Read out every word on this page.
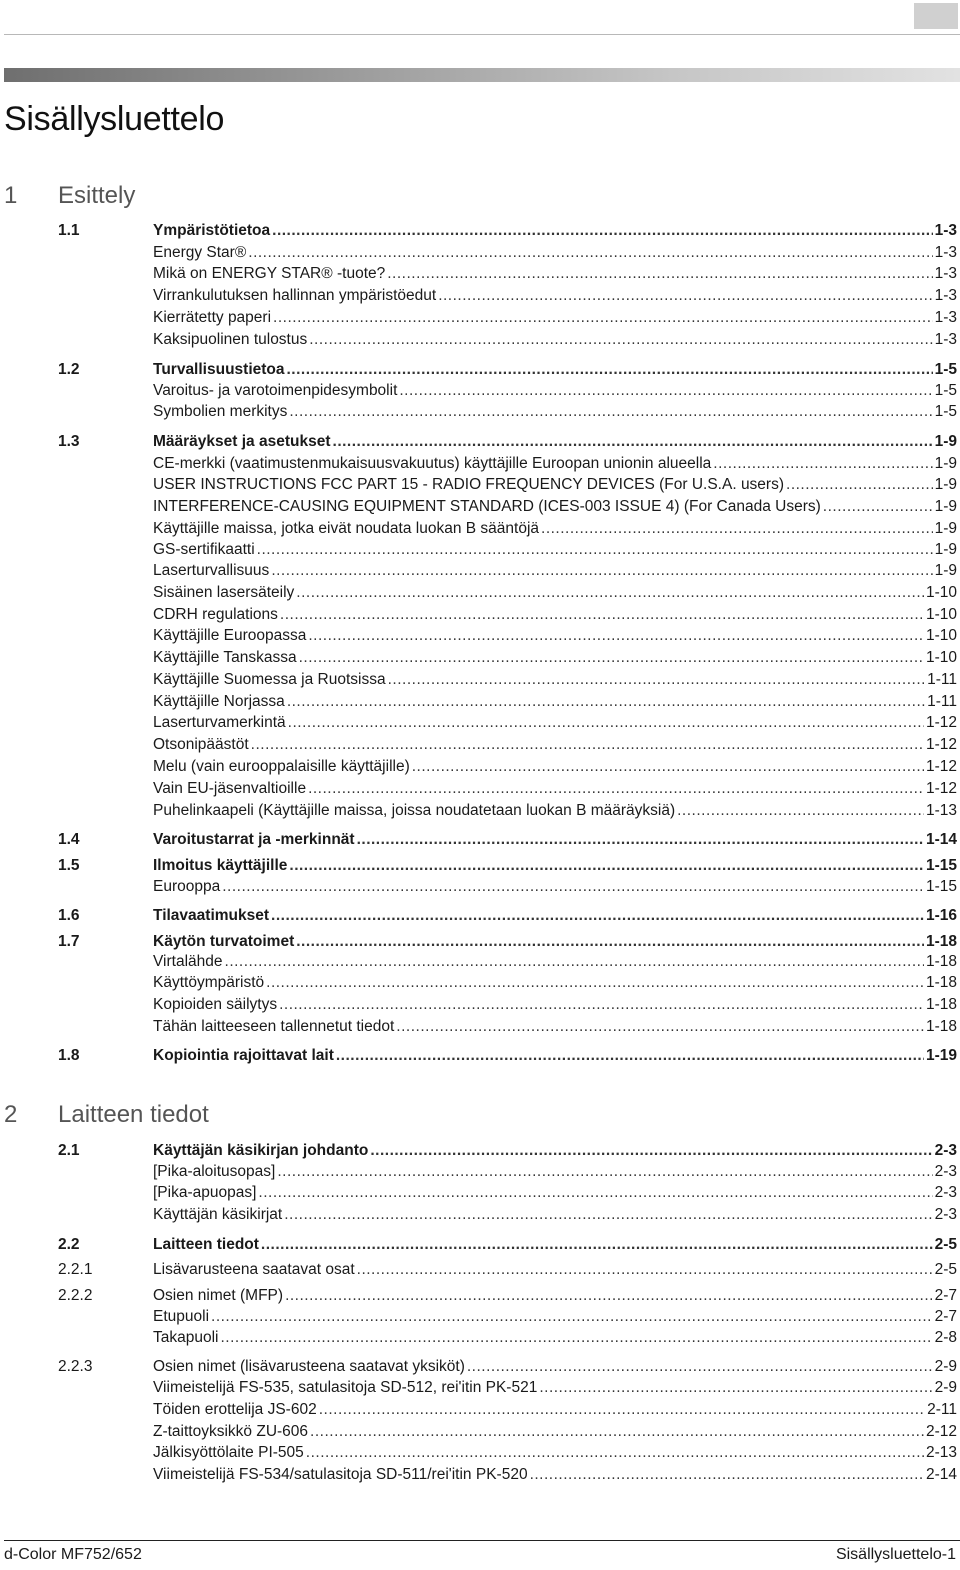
Sisällysluettelo
1 Esittely
2 Laitteen tiedot
1.1	Ympäristötietoa .....	1-3
Energy Star® .....	1-3
Mikä on ENERGY STAR® -tuote? .....	1-3
Virrankulutuksen hallinnan ympäristöedut .....	1-3
Kierrätetty paperi .....	1-3
Kaksipuolinen tulostus .....	1-3
1.2	Turvallisuustietoa .....	1-5
Varoitus- ja varotoimenpidesymbolit .....	1-5
Symbolien merkitys .....	1-5
1.3	Määräykset ja asetukset .....	1-9
CE-merkki (vaatimustenmukaisuusvakuutus) käyttäjille Euroopan unionin alueella .....	1-9
USER INSTRUCTIONS FCC PART 15 - RADIO FREQUENCY DEVICES (For U.S.A. users) .....	1-9
INTERFERENCE-CAUSING EQUIPMENT STANDARD (ICES-003 ISSUE 4) (For Canada Users) .....	1-9
Käyttäjille maissa, jotka eivät noudata luokan B sääntöjä .....	1-9
GS-sertifikaatti .....	1-9
Laserturvallisuus .....	1-9
Sisäinen lasersäteily .....	1-10
CDRH regulations .....	1-10
Käyttäjille Euroopassa .....	1-10
Käyttäjille Tanskassa .....	1-10
Käyttäjille Suomessa ja Ruotsissa .....	1-11
Käyttäjille Norjassa .....	1-11
Laserturvamerkintä .....	1-12
Otsonipäästöt .....	1-12
Melu (vain eurooppalaisille käyttäjille) .....	1-12
Vain EU-jäsenvaltioille .....	1-12
Puhelinkaapeli (Käyttäjille maissa, joissa noudatetaan luokan B määräyksiä) .....	1-13
1.4	Varoitustarrat ja -merkinnät .....	1-14
1.5	Ilmoitus käyttäjille .....	1-15
Eurooppa .....	1-15
1.6	Tilavaatimukset .....	1-16
1.7	Käytön turvatoimet .....	1-18
Virtalähde .....	1-18
Käyttöympäristö .....	1-18
Kopioiden säilytys .....	1-18
Tähän laitteeseen tallennetut tiedot .....	1-18
1.8	Kopiointia rajoittavat lait .....	1-19
2.1	Käyttäjän käsikirjan johdanto .....	2-3
[Pika-aloitusopas] .....	2-3
[Pika-apuopas] .....	2-3
Käyttäjän käsikirjat .....	2-3
2.2	Laitteen tiedot .....	2-5
2.2.1	Lisävarusteena saatavat osat .....	2-5
2.2.2	Osien nimet (MFP) .....	2-7
Etupuoli .....	2-7
Takapuoli .....	2-8
2.2.3	Osien nimet (lisävarusteena saatavat yksiköt) .....	2-9
Viimeistelijä FS-535, satulasitoja SD-512, rei'itin PK-521 .....	2-9
Töiden erottelija JS-602 .....	2-11
Z-taittoyksikkö ZU-606 .....	2-12
Jälkisyöttölaite PI-505 .....	2-13
Viimeistelijä FS-534/satulasitoja SD-511/rei'itin PK-520 .....	2-14
d-Color MF752/652	Sisällysluettelo-1
